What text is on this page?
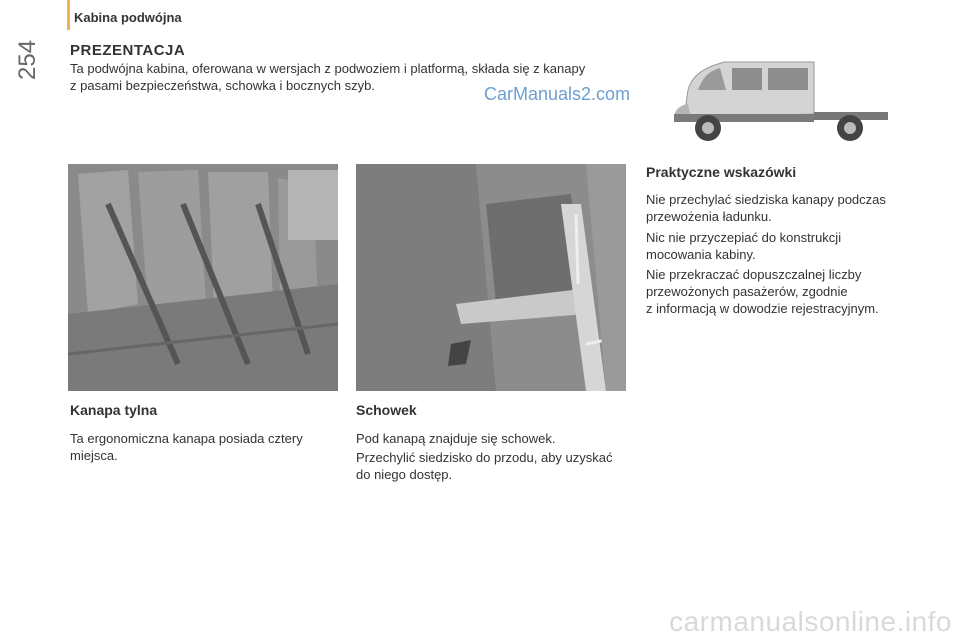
Kabina podwójna
254 PREZENTACJA
Ta podwójna kabina, oferowana w wersjach z podwoziem i platformą, składa się z kanapy
z pasami bezpieczeństwa, schowka i bocznych szyb.	CarManuals2.com
Kanapa tylna

Ta ergonomiczna kanapa posiada cztery
miejsca.

Schowek

Pod kanapą znajduje się schowek.

Przechylić siedzisko do przodu, aby uzyskać
do niego dostęp.

Praktyczne wskazówki

Nie przechylać siedziska kanapy podczas
przewożenia ładunku.

Nic nie przyczepiać do konstrukcji
mocowania kabiny.

Nie przekraczać dopuszczalnej liczby
przewożonych pasażerów, zgodnie
z informacją w dowodzie rejestracyjnym.

carmanualsonline.info
